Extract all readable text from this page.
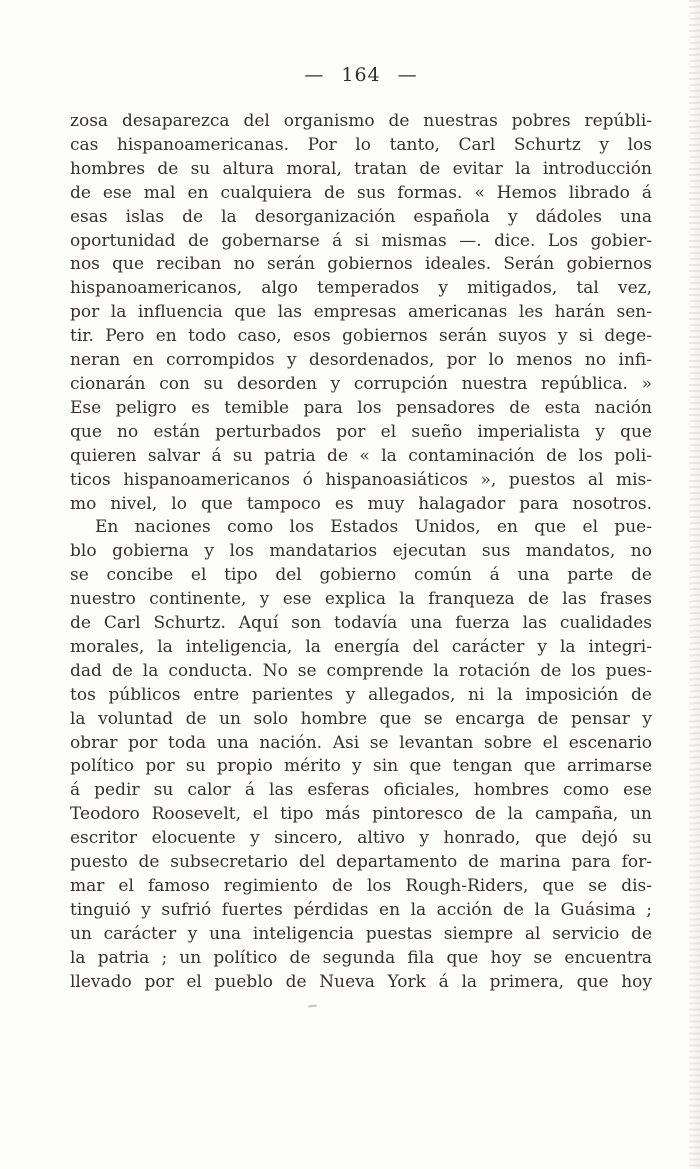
— 164 —
zosa desaparezca del organismo de nuestras pobres repúbli-
cas hispanoamericanas. Por lo tanto, Carl Schurtz y los
hombres de su altura moral, tratan de evitar la introducción
de ese mal en cualquiera de sus formas. « Hemos librado á
esas islas de la desorganización española y dádoles una
oportunidad de gobernarse á si mismas —. dice. Los gobier-
nos que reciban no serán gobiernos ideales. Serán gobiernos
hispanoamericanos, algo temperados y mitigados, tal vez,
por la influencia que las empresas americanas les harán sen-
tir. Pero en todo caso, esos gobiernos serán suyos y si dege-
neran en corrompidos y desordenados, por lo menos no infi-
cionarán con su desorden y corrupción nuestra república. »
Ese peligro es temible para los pensadores de esta nación
que no están perturbados por el sueño imperialista y que
quieren salvar á su patria de « la contaminación de los poli-
ticos hispanoamericanos ó hispanoasiáticos », puestos al mis-
mo nivel, lo que tampoco es muy halagador para nosotros.
En naciones como los Estados Unidos, en que el pue-
blo gobierna y los mandatarios ejecutan sus mandatos, no
se concibe el tipo del gobierno común á una parte de
nuestro continente, y ese explica la franqueza de las frases
de Carl Schurtz. Aquí son todavía una fuerza las cualidades
morales, la inteligencia, la energía del carácter y la integri-
dad de la conducta. No se comprende la rotación de los pues-
tos públicos entre parientes y allegados, ni la imposición de
la voluntad de un solo hombre que se encarga de pensar y
obrar por toda una nación. Asi se levantan sobre el escenario
político por su propio mérito y sin que tengan que arrimarse
á pedir su calor á las esferas oficiales, hombres como ese
Teodoro Roosevelt, el tipo más pintoresco de la campaña, un
escritor elocuente y sincero, altivo y honrado, que dejó su
puesto de subsecretario del departamento de marina para for-
mar el famoso regimiento de los Rough-Riders, que se dis-
tinguió y sufrió fuertes pérdidas en la acción de la Guásima ;
un carácter y una inteligencia puestas siempre al servicio de
la patria ; un político de segunda fila que hoy se encuentra
llevado por el pueblo de Nueva York á la primera, que hoy
